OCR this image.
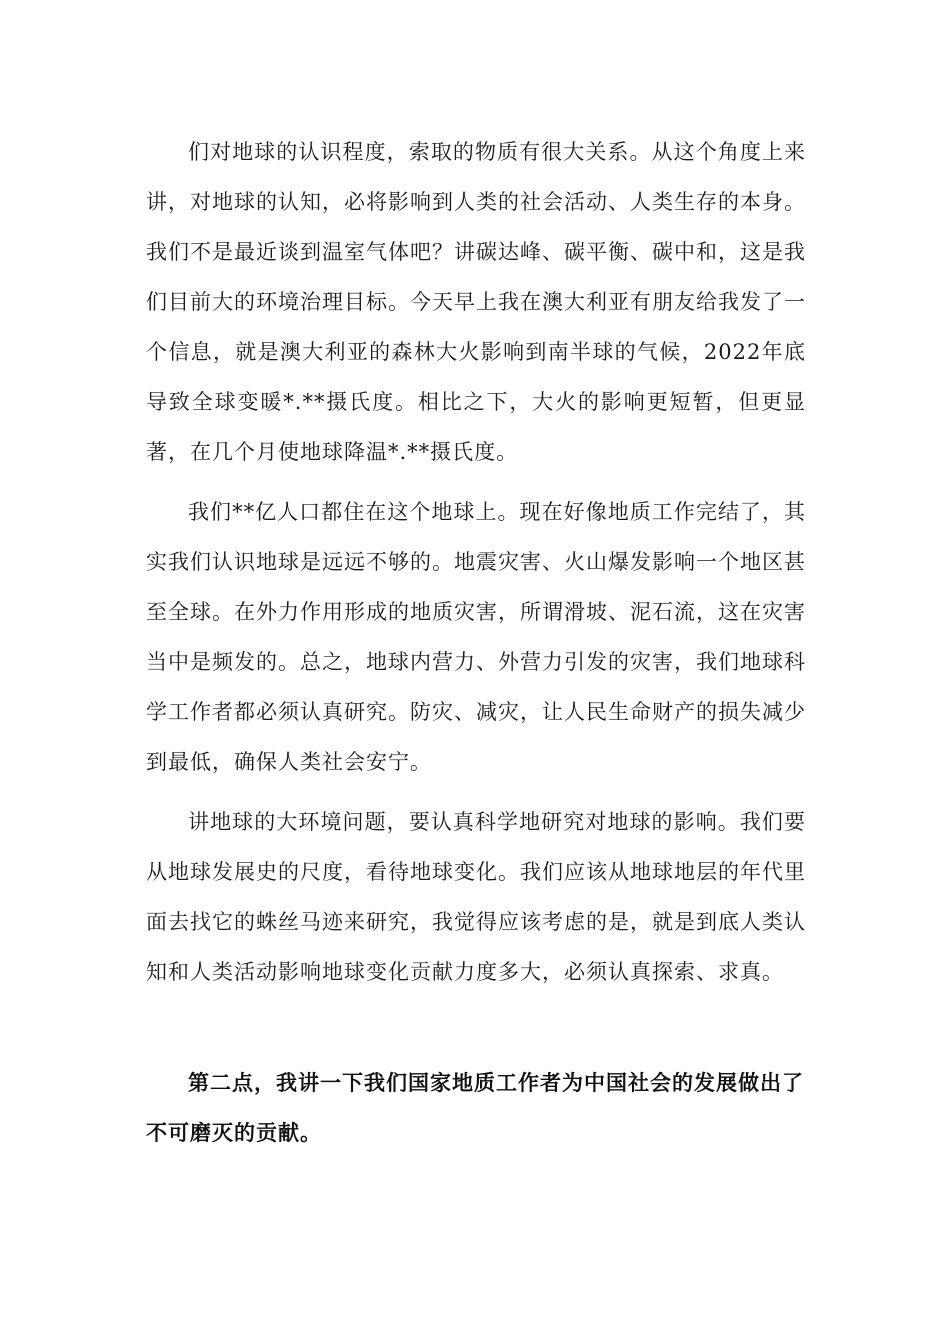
们对地球的认识程度，索取的物质有很大关系。从这个角度上来讲，对地球的认知，必将影响到人类的社会活动、人类生存的本身。我们不是最近谈到温室气体吧？讲碳达峰、碳平衡、碳中和，这是我们目前大的环境治理目标。今天早上我在澳大利亚有朋友给我发了一个信息，就是澳大利亚的森林大火影响到南半球的气候，2022年底导致全球变暖*.**摄氏度。相比之下，大火的影响更短暂，但更显著，在几个月使地球降温*.**摄氏度。

我们**亿人口都住在这个地球上。现在好像地质工作完结了，其实我们认识地球是远远不够的。地震灾害、火山爆发影响一个地区甚至全球。在外力作用形成的地质灾害，所谓滑坡、泥石流，这在灾害当中是频发的。总之，地球内营力、外营力引发的灾害，我们地球科学工作者都必须认真研究。防灾、减灾，让人民生命财产的损失减少到最低，确保人类社会安宁。

讲地球的大环境问题，要认真科学地研究对地球的影响。我们要从地球发展史的尺度，看待地球变化。我们应该从地球地层的年代里面去找它的蛛丝马迹来研究，我觉得应该考虑的是，就是到底人类认知和人类活动影响地球变化贡献力度多大，必须认真探索、求真。

第二点，我讲一下我们国家地质工作者为中国社会的发展做出了不可磨灭的贡献。
